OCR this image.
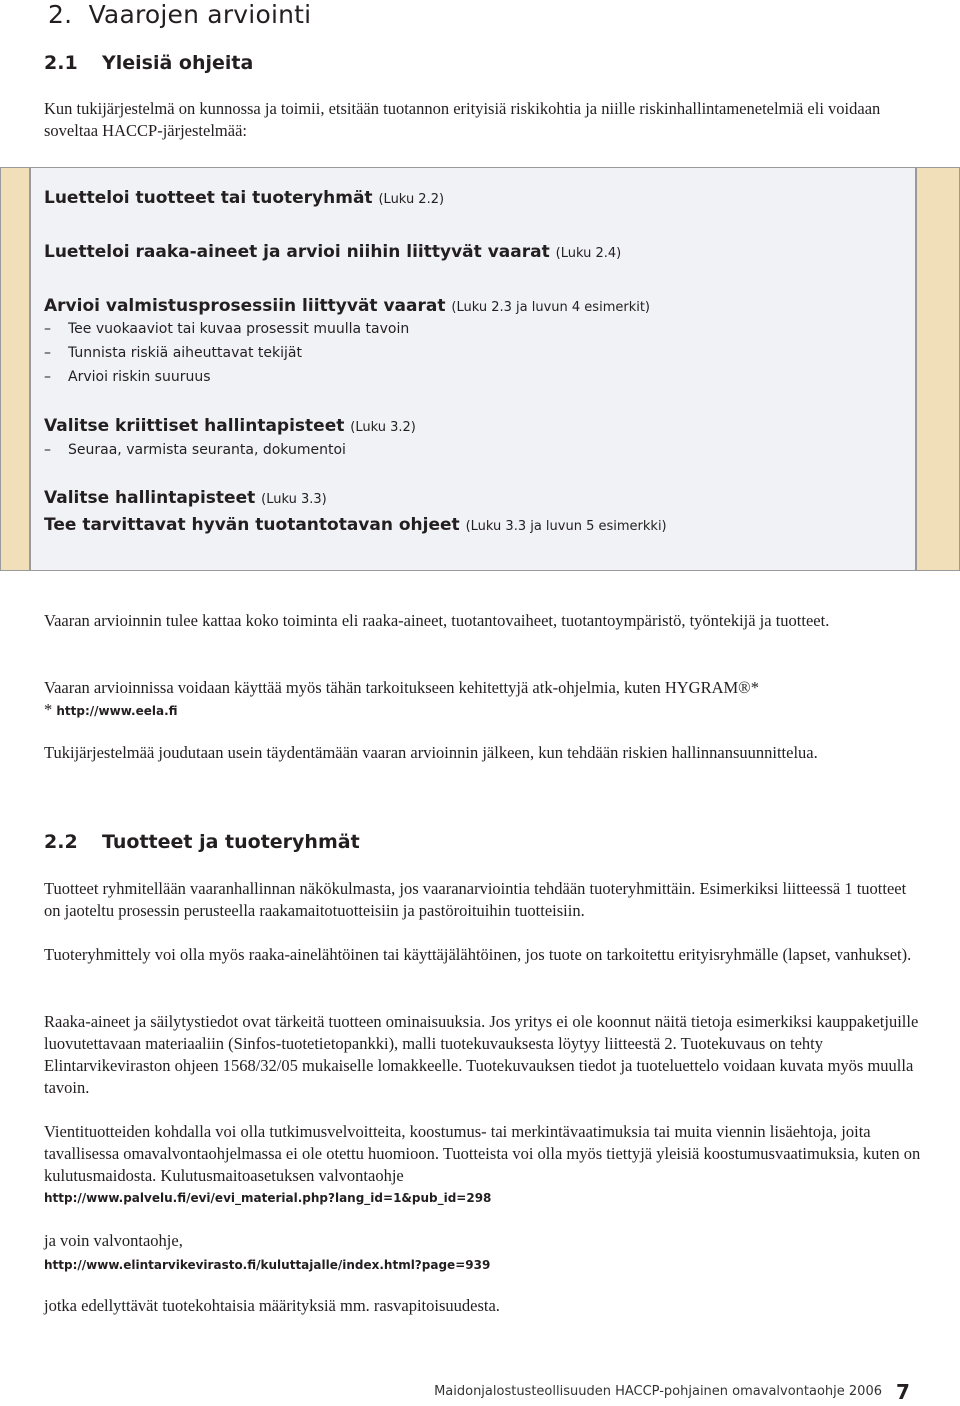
2. Vaarojen arviointi
2.1 Yleisiä ohjeita

Kun tukijärjestelmä on kunnossa ja toimii, etsitään tuotannon erityisiä riskikohtia ja niille riskinhallintamenetelmiä eli voidaan soveltaa HACCP-järjestelmää:

Luetteloi tuotteet tai tuoteryhmät (Luku 2.2)
Luetteloi raaka-aineet ja arvioi niihin liittyvät vaarat (Luku 2.4)
Arvioi valmistusprosessiin liittyvät vaarat (Luku 2.3 ja luvun 4 esimerkit)
– Tee vuokaaviot tai kuvaa prosessit muulla tavoin
– Tunnista riskiä aiheuttavat tekijät
– Arvioi riskin suuruus
Valitse kriittiset hallintapisteet (Luku 3.2)
– Seuraa, varmista seuranta, dokumentoi
Valitse hallintapisteet (Luku 3.3)
Tee tarvittavat hyvän tuotantotavan ohjeet (Luku 3.3 ja luvun 5 esimerkki)

Vaaran arvioinnin tulee kattaa koko toiminta eli raaka-aineet, tuotantovaiheet, tuotantoympäristö, työntekijä ja tuotteet.

Vaaran arvioinnissa voidaan käyttää myös tähän tarkoitukseen kehitettyjä atk-ohjelmia, kuten HYGRAM®*

* http://www.eela.fi

Tukijärjestelmää joudutaan usein täydentämään vaaran arvioinnin jälkeen, kun tehdään riskien hallinnansuunnittelua.

2.2 Tuotteet ja tuoteryhmät

Tuotteet ryhmitellään vaaranhallinnan näkökulmasta, jos vaaranarviointia tehdään tuoteryhmittäin. Esimerkiksi liitteessä 1 tuotteet on jaoteltu prosessin perusteella raakamaitotuotteisiin ja pastöroituihin tuotteisiin.

Tuoteryhmittely voi olla myös raaka-ainelähtöinen tai käyttäjälähtöinen, jos tuote on tarkoitettu erityisryhmälle (lapset, vanhukset).

Raaka-aineet ja säilytystiedot ovat tärkeitä tuotteen ominaisuuksia. Jos yritys ei ole koonnut näitä tietoja esimerkiksi kauppaketjuille luovutettavaan materiaaliin (Sinfos-tuotetietopankki), malli tuotekuvauksesta löytyy liitteestä 2. Tuotekuvaus on tehty Elintarvikeviraston ohjeen 1568/32/05 mukaiselle lomakkeelle. Tuotekuvauksen tiedot ja tuoteluettelo voidaan kuvata myös muulla tavoin.

Vientituotteiden kohdalla voi olla tutkimusvelvoitteita, koostumus- tai merkintävaatimuksia tai muita viennin lisäehtoja, joita tavallisessa omavalvontaohjelmassa ei ole otettu huomioon. Tuotteista voi olla myös tiettyjä yleisiä koostumusvaatimuksia, kuten on kulutusmaidosta. Kulutusmaitoasetuksen valvontaohje

http://www.palvelu.fi/evi/evi_material.php?lang_id=1&pub_id=298

ja voin valvontaohje,

http://www.elintarvikevirasto.fi/kuluttajalle/index.html?page=939

jotka edellyttävät tuotekohtaisia määrityksiä mm. rasvapitoisuudesta.

Maidonjalostusteollisuuden HACCP-pohjainen omavalvontaohje 2006 7
